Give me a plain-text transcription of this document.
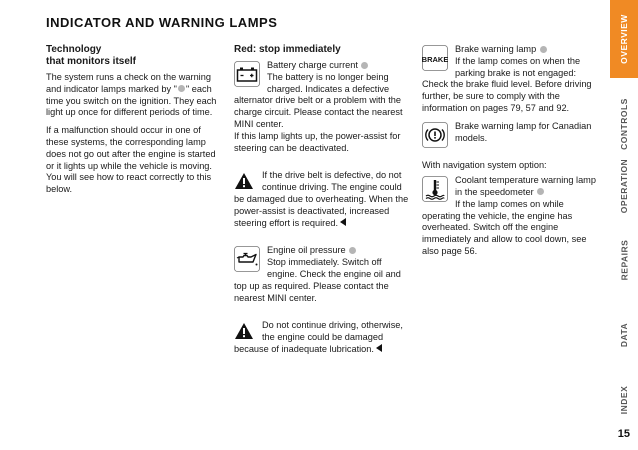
INDICATOR AND WARNING LAMPS
Technology
that monitors itself

The system runs a check on the warning and indicator lamps marked by " " each time you switch on the ignition. They each light up once for different periods of time.

If a malfunction should occur in one of these systems, the corresponding lamp does not go out after the engine is started or it lights up while the vehicle is moving. You will see how to react correctly to this below.

Red: stop immediately
Battery charge current

The battery is no longer being charged. Indicates a defective alternator drive belt or a problem with the charge circuit. Please contact the nearest MINI center.

If this lamp lights up, the power-assist for steering can be deactivated.

If the drive belt is defective, do not continue driving. The engine could be damaged due to overheating. When the power-assist is deactivated, increased steering effort is required.

Engine oil pressure

Stop immediately. Switch off engine. Check the engine oil and top up as required. Please contact the nearest MINI center.

Do not continue driving, otherwise, the engine could be damaged because of inadequate lubrication.

BRAKE
Brake warning lamp

If the lamp comes on when the parking brake is not engaged: Check the brake fluid level. Before driving further, be sure to comply with the information on pages 79, 57 and 92.

Brake warning lamp for Canadian models.

With navigation system option:

Coolant temperature warning lamp in the speedometer

If the lamp comes on while operating the vehicle, the engine has overheated. Switch off the engine immediately and allow to cool down, see also page 56.

OVERVIEW
CONTROLS
OPERATION
REPAIRS
DATA
INDEX
15
